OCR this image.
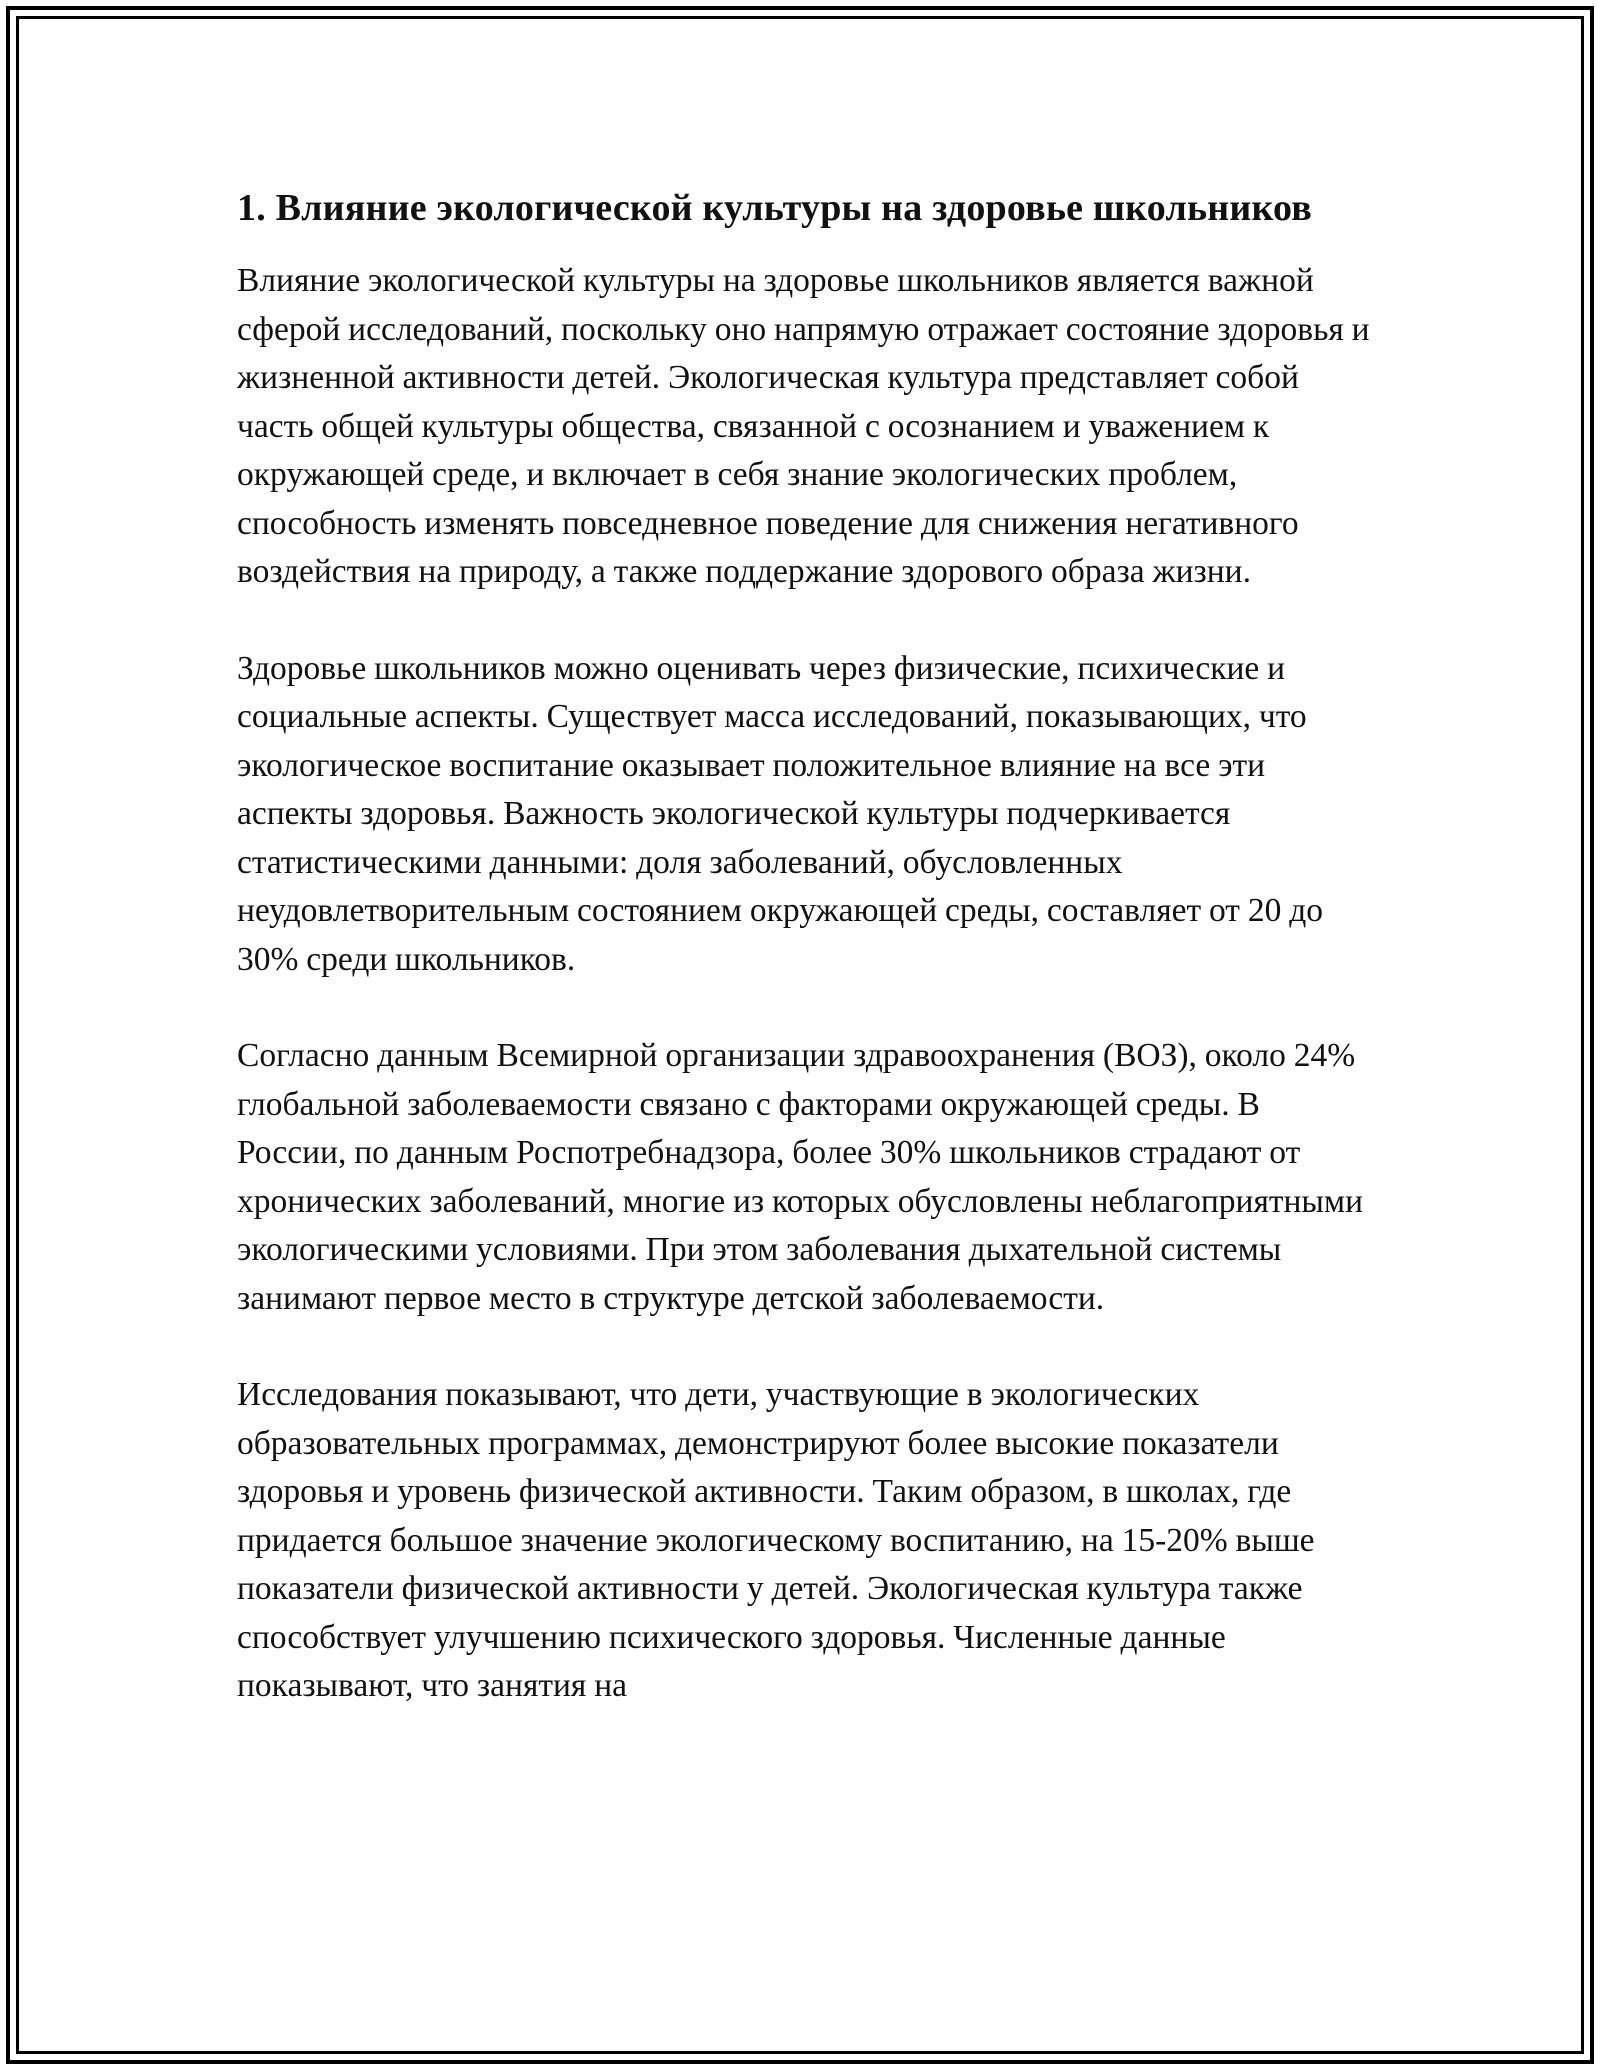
1. Влияние экологической культуры на здоровье школьников

Влияние экологической культуры на здоровье школьников является важной сферой исследований, поскольку оно напрямую отражает состояние здоровья и жизненной активности детей. Экологическая культура представляет собой часть общей культуры общества, связанной с осознанием и уважением к окружающей среде, и включает в себя знание экологических проблем, способность изменять повседневное поведение для снижения негативного воздействия на природу, а также поддержание здорового образа жизни.

Здоровье школьников можно оценивать через физические, психические и социальные аспекты. Существует масса исследований, показывающих, что экологическое воспитание оказывает положительное влияние на все эти аспекты здоровья. Важность экологической культуры подчеркивается статистическими данными: доля заболеваний, обусловленных неудовлетворительным состоянием окружающей среды, составляет от 20 до 30% среди школьников.

Согласно данным Всемирной организации здравоохранения (ВОЗ), около 24% глобальной заболеваемости связано с факторами окружающей среды. В России, по данным Роспотребнадзора, более 30% школьников страдают от хронических заболеваний, многие из которых обусловлены неблагоприятными экологическими условиями. При этом заболевания дыхательной системы занимают первое место в структуре детской заболеваемости.

Исследования показывают, что дети, участвующие в экологических образовательных программах, демонстрируют более высокие показатели здоровья и уровень физической активности. Таким образом, в школах, где придается большое значение экологическому воспитанию, на 15-20% выше показатели физической активности у детей. Экологическая культура также способствует улучшению психического здоровья. Численные данные показывают, что занятия на
